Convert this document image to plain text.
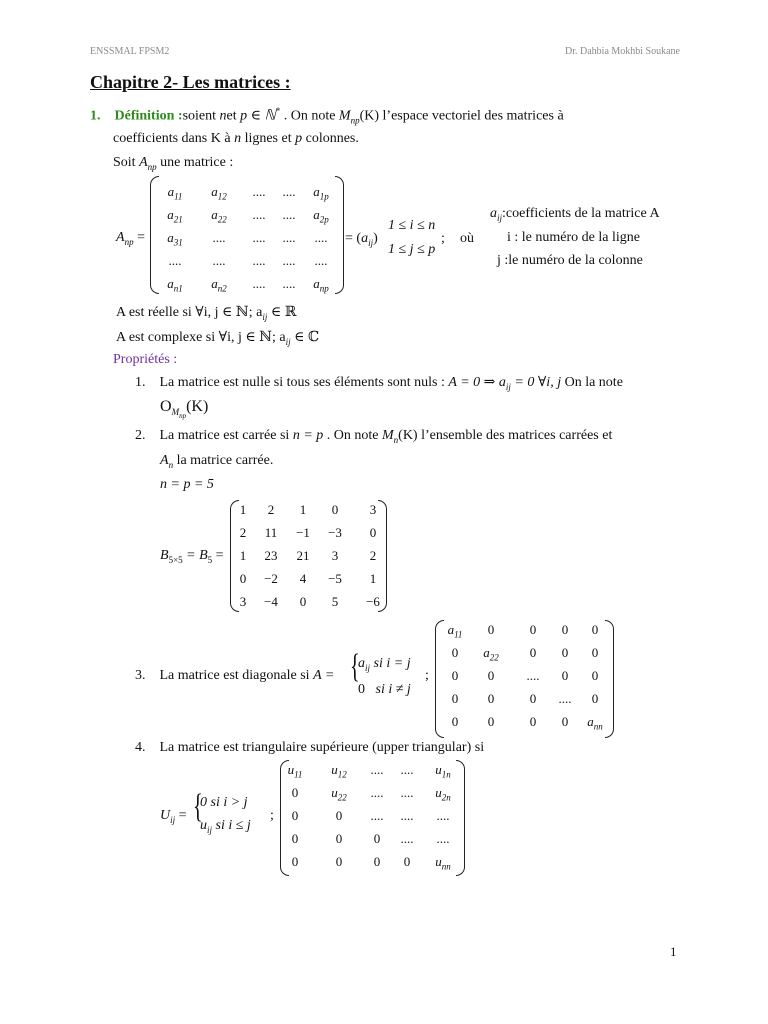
ENSSMAL FPSM2	Dr. Dahbia Mokhbi Soukane
Chapitre 2- Les matrices :
1. Définition :soient net p ∈ ℕ* . On note $M_{np}(K)$ l’espace vectoriel des matrices à
coefficients dans K à n lignes et p colonnes.
Soit $A_{np}$ une matrice :
$A_{np}$ =
$a_{11}$	$a_{12}$	....	....	$a_{1p}$
$a_{21}$	$a_{22}$	....	....	$a_{2p}$
$a_{31}$	....	....	....	....
....	....	....	....	....
$a_{n1}$	$a_{n2}$	....	....	$a_{np}$
= $(a_{ij})$
1 ≤ i ≤ n
1 ≤ j ≤ p
; où
$a_{ij}:coefficients$ de la matrice A
i : le numéro de la ligne
j :le numéro de la colonne
A est réelle si ∀i, j ∈ ℕ; $a_{ij}$ ∈ ℝ
A est complexe si ∀i, j ∈ ℕ; $a_{ij}$ ∈ ℂ
Propriétés :
1. La matrice est nulle si tous ses éléments sont nuls : A = 0 ⇒ $a_{ij} = 0$ ∀i, j On la note
$O_{M_{np}}(K)$
2. La matrice est carrée si n = p . On note $M_n(K)$ l’ensemble des matrices carrées et
$A_n$ la matrice carrée.
n = p = 5
$B_{5\times 5} = B_5$ =
1	2	1	0	3
2	11	−1	−3	0
1	23	21	3	2
0	−2	4	−5	1
3	−4	0	5	−6
3. La matrice est diagonale si A = {
$a_{ij}$ si i = j
0 si i ≠ j
;
$a_{11}$	0	0	0	0
0	$a_{22}$	0	0	0
0	0	....	0	0
0	0	0	....	0
0	0	0	0	$a_{nn}$
4. La matrice est triangulaire supérieure (upper triangular) si
$U_{ij}$ = {
0 si i > j
$u_{ij}$ si i ≤ j
;
$u_{11}$	$u_{12}$	....	....	$u_{1n}$
0	$u_{22}$	....	....	$u_{2n}$
0	0	....	....	....
0	0	0	....	....
0	0	0	0	$u_{nn}$
1
